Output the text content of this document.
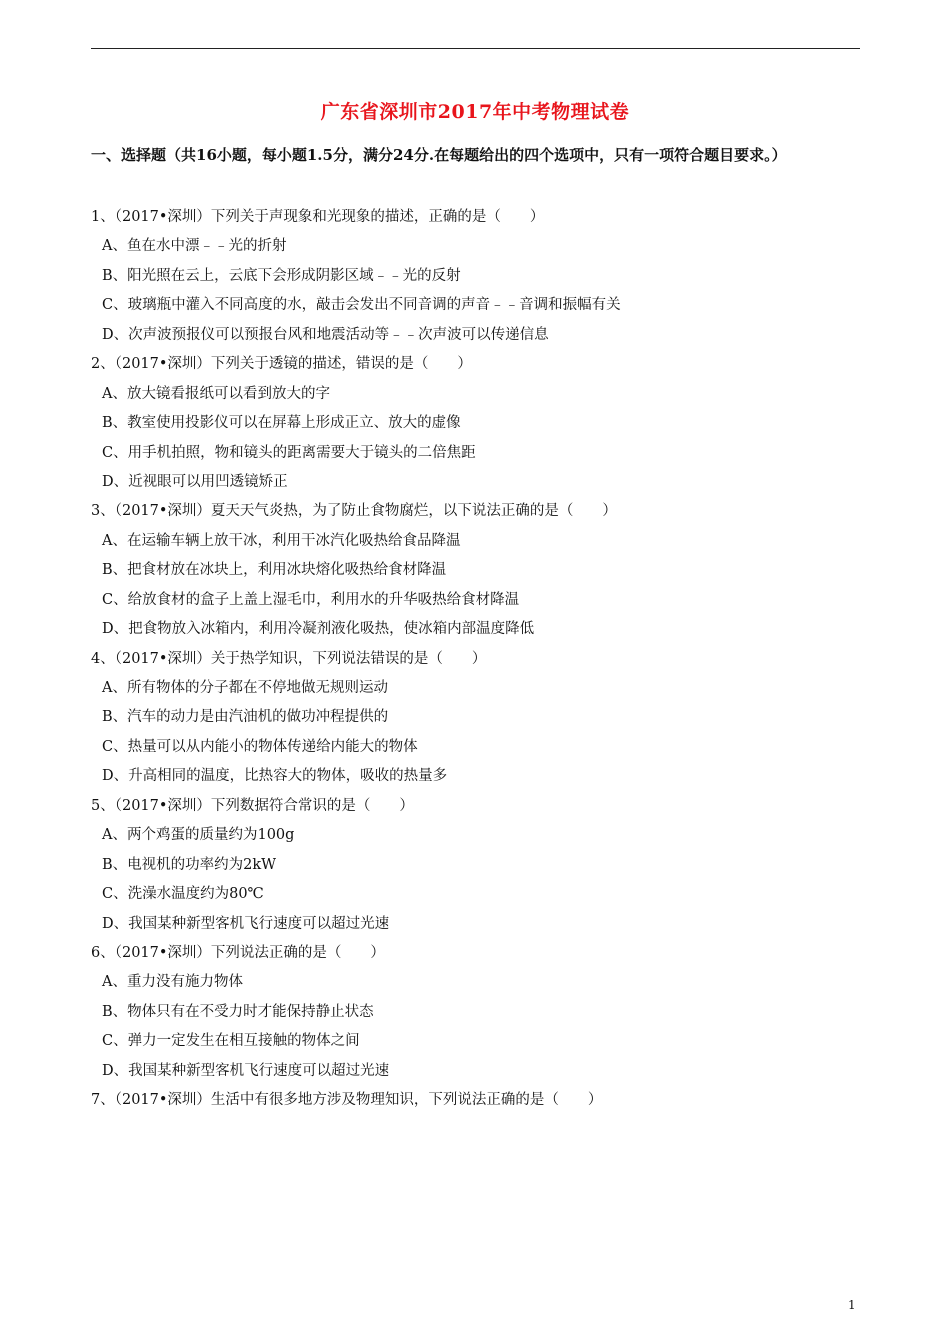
广东省深圳市2017年中考物理试卷
一、选择题（共16小题，每小题1.5分，满分24分.在每题给出的四个选项中，只有一项符合题目要求。）
1、（2017•深圳）下列关于声现象和光现象的描述，正确的是（　　）
A、鱼在水中漂﹣﹣光的折射
B、阳光照在云上，云底下会形成阴影区域﹣﹣光的反射
C、玻璃瓶中灌入不同高度的水，敲击会发出不同音调的声音﹣﹣音调和振幅有关
D、次声波预报仪可以预报台风和地震活动等﹣﹣次声波可以传递信息
2、（2017•深圳）下列关于透镜的描述，错误的是（　　）
A、放大镜看报纸可以看到放大的字
B、教室使用投影仪可以在屏幕上形成正立、放大的虚像
C、用手机拍照，物和镜头的距离需要大于镜头的二倍焦距
D、近视眼可以用凹透镜矫正
3、（2017•深圳）夏天天气炎热，为了防止食物腐烂，以下说法正确的是（　　）
A、在运输车辆上放干冰，利用干冰汽化吸热给食品降温
B、把食材放在冰块上，利用冰块熔化吸热给食材降温
C、给放食材的盒子上盖上湿毛巾，利用水的升华吸热给食材降温
D、把食物放入冰箱内，利用冷凝剂液化吸热，使冰箱内部温度降低
4、（2017•深圳）关于热学知识，下列说法错误的是（　　）
A、所有物体的分子都在不停地做无规则运动
B、汽车的动力是由汽油机的做功冲程提供的
C、热量可以从内能小的物体传递给内能大的物体
D、升高相同的温度，比热容大的物体，吸收的热量多
5、（2017•深圳）下列数据符合常识的是（　　）
A、两个鸡蛋的质量约为100g
B、电视机的功率约为2kW
C、洗澡水温度约为80℃
D、我国某种新型客机飞行速度可以超过光速
6、（2017•深圳）下列说法正确的是（　　）
A、重力没有施力物体
B、物体只有在不受力时才能保持静止状态
C、弹力一定发生在相互接触的物体之间
D、我国某种新型客机飞行速度可以超过光速
7、（2017•深圳）生活中有很多地方涉及物理知识，下列说法正确的是（　　）
1
